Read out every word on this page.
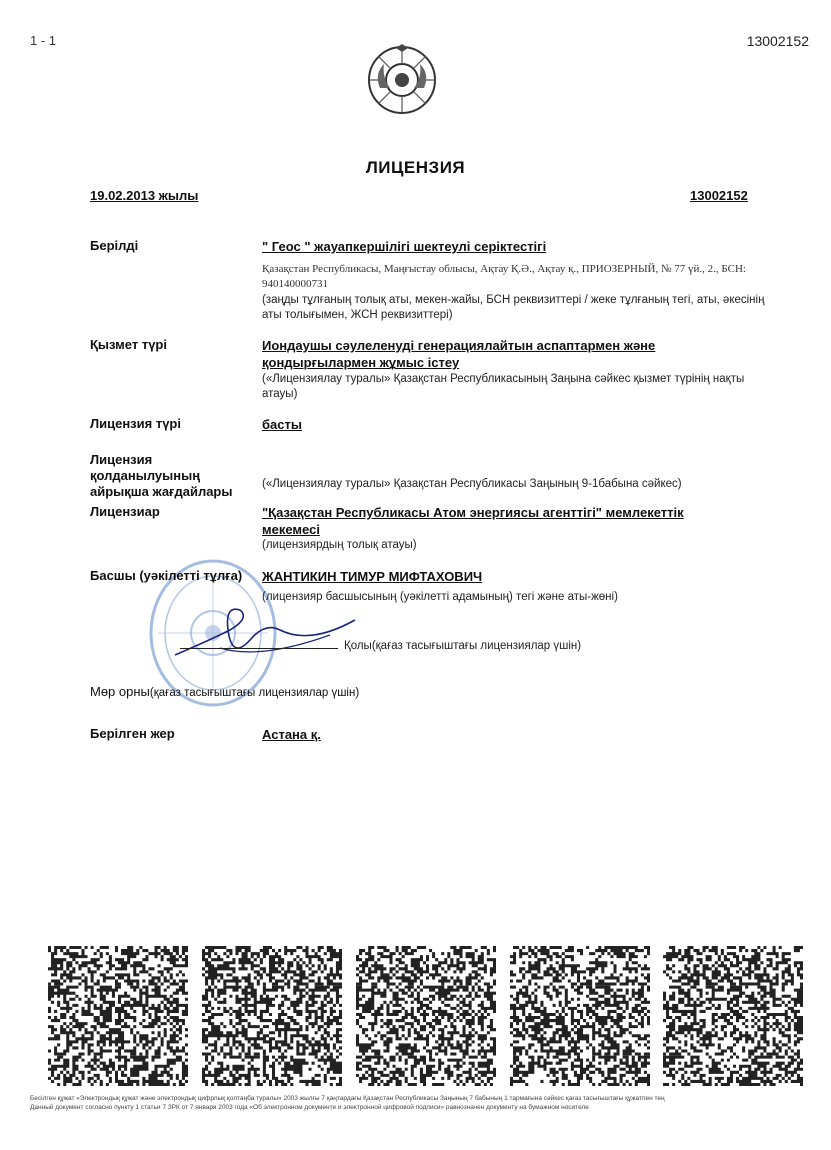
1 - 1	13002152
ЛИЦЕНЗИЯ
19.02.2013 жылы	13002152
Берілді	" Геос " жауапкершілігі шектеулі серіктестігі
Қазақстан Республикасы, Маңғыстау облысы, Ақтау Қ.Ә., Ақтау қ., ПРИОЗЕРНЫЙ, № 77 үй., 2., БСН: 940140000731
(заңды тұлғаның толық аты, мекен-жайы, БСН реквизиттері / жеке тұлғаның тегі, аты, әкесінің аты толығымен, ЖСН реквизиттері)
Қызмет түрі	Иондаушы сәулеленуді генерациялайтын аспаптармен және қондырғылармен жұмыс істеу
(«Лицензиялау туралы» Қазақстан Республикасының Заңына сәйкес қызмет түрінің нақты атауы)
Лицензия түрі	басты
Лицензия
қолданылуының
айрықша жағдайлары	(«Лицензиялау туралы» Қазақстан Республикасы Заңының 9-1бабына сәйкес)
Лицензиар	"Қазақстан Республикасы Атом энергиясы агенттігі" мемлекеттік мекемесі
(лицензиярдың толық атауы)
Басшы (уәкілетті тұлға) ЖАНТИКИН ТИМУР МИФТАХОВИЧ
(лицензияр басшысының (уәкілетті адамының) тегі және аты-жөні)
Қолы(қағаз тасығыштағы лицензиялар үшін)
Мөр орны(қағаз тасығыштағы лицензиялар үшін)
Берілген жер	Астана қ.
Бесілген құжат «Электрондық құжат және электрондық цифрлық қолтаңба туралы» 2003 жылғы 7 қаңтардағы Қазақстан Республикасы Заңының 7 бабының 1 тармағына сәйкес қағаз тасығыштағы құжатпен тең
Данный документ согласно пункту 1 статьи 7 ЗРК от 7 января 2003 года «Об электронном документе и электронной цифровой подписи» равнозначен документу на бумажном носителе
